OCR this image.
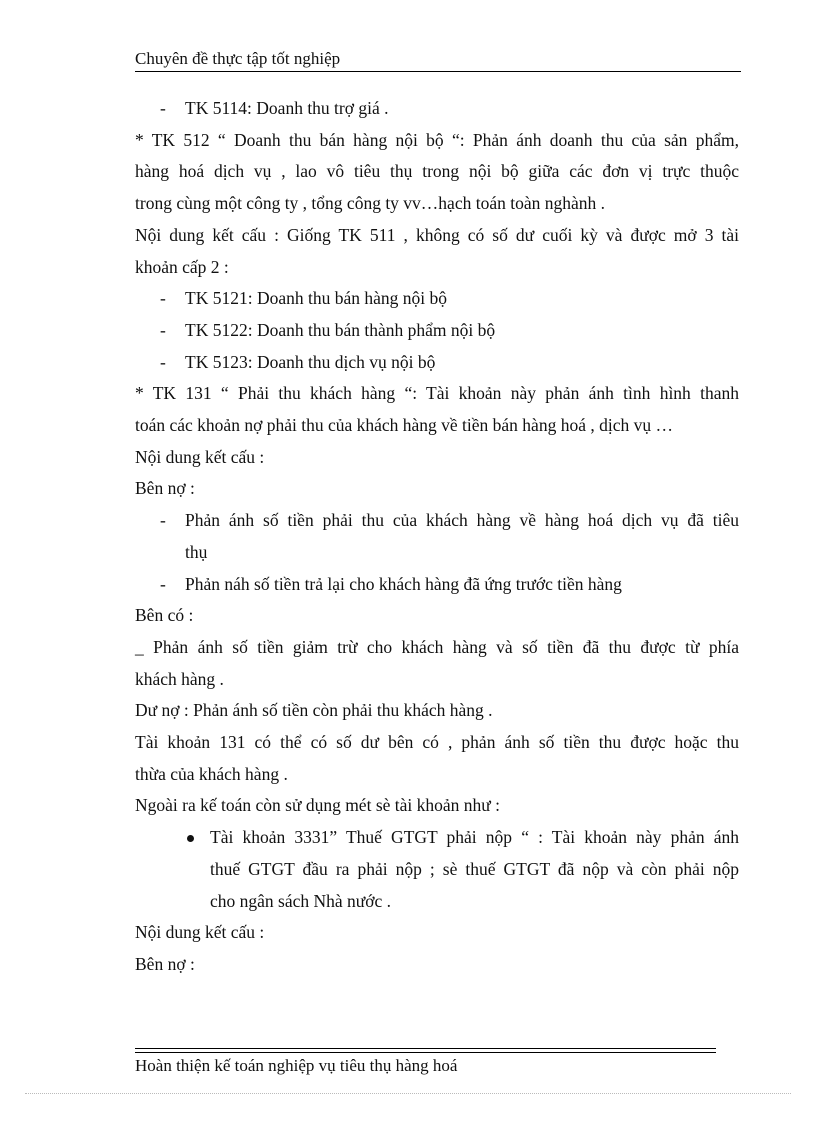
Chuyên đề thực tập tốt nghiệp
- TK 5114: Doanh thu trợ giá .
* TK 512 “ Doanh thu bán hàng nội bộ “: Phản ánh doanh thu của sản phẩm,
hàng hoá dịch vụ , lao vô tiêu thụ trong nội bộ giữa các đơn vị trực thuộc
trong cùng một công ty , tổng công ty vv…hạch toán toàn nghành .
Nội dung kết cấu : Giống TK 511 , không có số dư cuối kỳ và được mở 3 tài
khoản cấp 2 :
- TK 5121: Doanh thu bán hàng nội bộ
- TK 5122: Doanh thu bán thành phẩm nội bộ
- TK 5123: Doanh thu dịch vụ nội bộ
* TK 131 “ Phải thu khách hàng “: Tài khoản này phản ánh tình hình thanh
toán các khoản nợ phải thu của khách hàng về tiền bán hàng hoá , dịch vụ …
Nội dung kết cấu :
Bên nợ :
- Phản ánh số tiền phải thu của khách hàng về hàng hoá dịch vụ đã tiêu
thụ
- Phản náh số tiền trả lại cho khách hàng đã ứng trước tiền hàng
Bên có :
_ Phản ánh số tiền giảm trừ cho khách hàng và số tiền đã thu được từ phía
khách hàng .
Dư nợ : Phản ánh số tiền còn phải thu khách hàng .
Tài khoản 131 có thể có số dư bên có , phản ánh số tiền thu được hoặc thu
thừa của khách hàng .
Ngoài ra kế toán còn sử dụng mét sè tài khoản như :
Tài khoản 3331” Thuế GTGT phải nộp “ : Tài khoản này phản ánh
thuế GTGT đầu ra phải nộp ; sè thuế GTGT đã nộp và còn phải nộp
cho ngân sách Nhà nước .
Nội dung kết cấu :
Bên nợ :
Hoàn thiện kế toán nghiệp vụ tiêu thụ hàng hoá
